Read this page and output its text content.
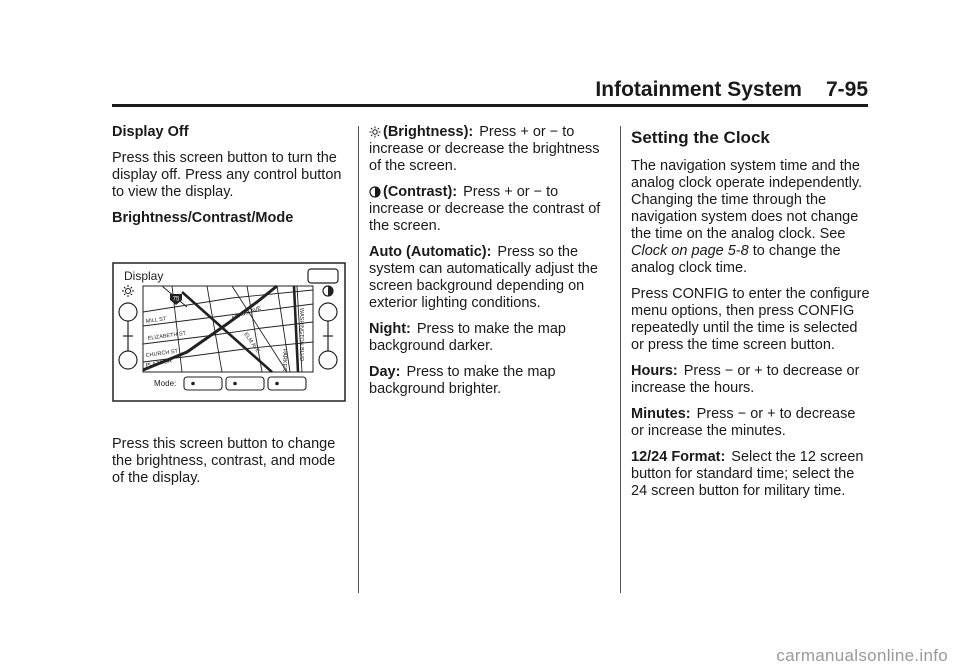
Infotainment System 7-95

Display Off

Press this screen button to turn the display off. Press any control button to view the display.

Brightness/Contrast/Mode

Display
75
MILL ST
ELIZABETH ST
CHURCH ST
PLAZA DR
ADAMS AVE
ELM AVE	WASHINGTON BLVD
PARKER
Mode:

Press this screen button to change the brightness, contrast, and mode of the display.

(Brightness): Press + or − to increase or decrease the brightness of the screen.

(Contrast): Press + or − to increase or decrease the contrast of the screen.

Auto (Automatic): Press so the system can automatically adjust the screen background depending on exterior lighting conditions.

Night: Press to make the map background darker.

Day: Press to make the map background brighter.

Setting the Clock

The navigation system time and the analog clock operate independently. Changing the time through the navigation system does not change the time on the analog clock. See Clock on page 5‑8 to change the analog clock time.

Press CONFIG to enter the configure menu options, then press CONFIG repeatedly until the time is selected or press the time screen button.

Hours: Press − or + to decrease or increase the hours.

Minutes: Press − or + to decrease or increase the minutes.

12/24 Format: Select the 12 screen button for standard time; select the 24 screen button for military time.

carmanualsonline.info
